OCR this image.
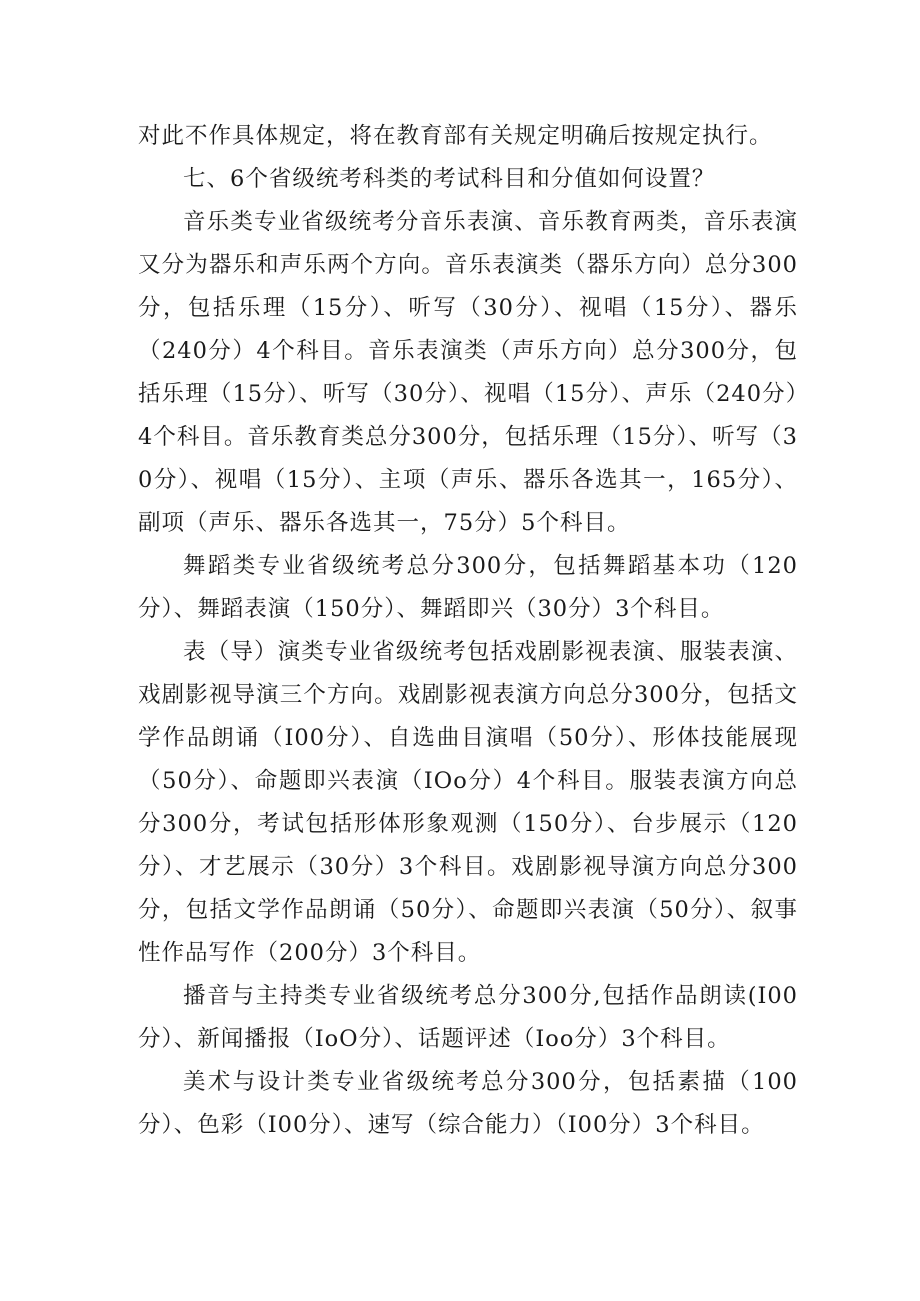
对此不作具体规定，将在教育部有关规定明确后按规定执行。

七、6个省级统考科类的考试科目和分值如何设置？

音乐类专业省级统考分音乐表演、音乐教育两类，音乐表演又分为器乐和声乐两个方向。音乐表演类（器乐方向）总分300分，包括乐理（15分）、听写（30分）、视唱（15分）、器乐（240分）4个科目。音乐表演类（声乐方向）总分300分，包括乐理（15分）、听写（30分）、视唱（15分）、声乐（240分）4个科目。音乐教育类总分300分，包括乐理（15分）、听写（30分）、视唱（15分）、主项（声乐、器乐各选其一，165分）、副项（声乐、器乐各选其一，75分）5个科目。

舞蹈类专业省级统考总分300分，包括舞蹈基本功（120分）、舞蹈表演（150分）、舞蹈即兴（30分）3个科目。

表（导）演类专业省级统考包括戏剧影视表演、服装表演、戏剧影视导演三个方向。戏剧影视表演方向总分300分，包括文学作品朗诵（I00分）、自选曲目演唱（50分）、形体技能展现（50分）、命题即兴表演（IOo分）4个科目。服装表演方向总分300分，考试包括形体形象观测（150分）、台步展示（120分）、才艺展示（30分）3个科目。戏剧影视导演方向总分300分，包括文学作品朗诵（50分）、命题即兴表演（50分）、叙事性作品写作（200分）3个科目。

播音与主持类专业省级统考总分300分,包括作品朗读(I00分）、新闻播报（IoO分）、话题评述（Ioo分）3个科目。

美术与设计类专业省级统考总分300分，包括素描（100分）、色彩（I00分）、速写（综合能力）（I00分）3个科目。
